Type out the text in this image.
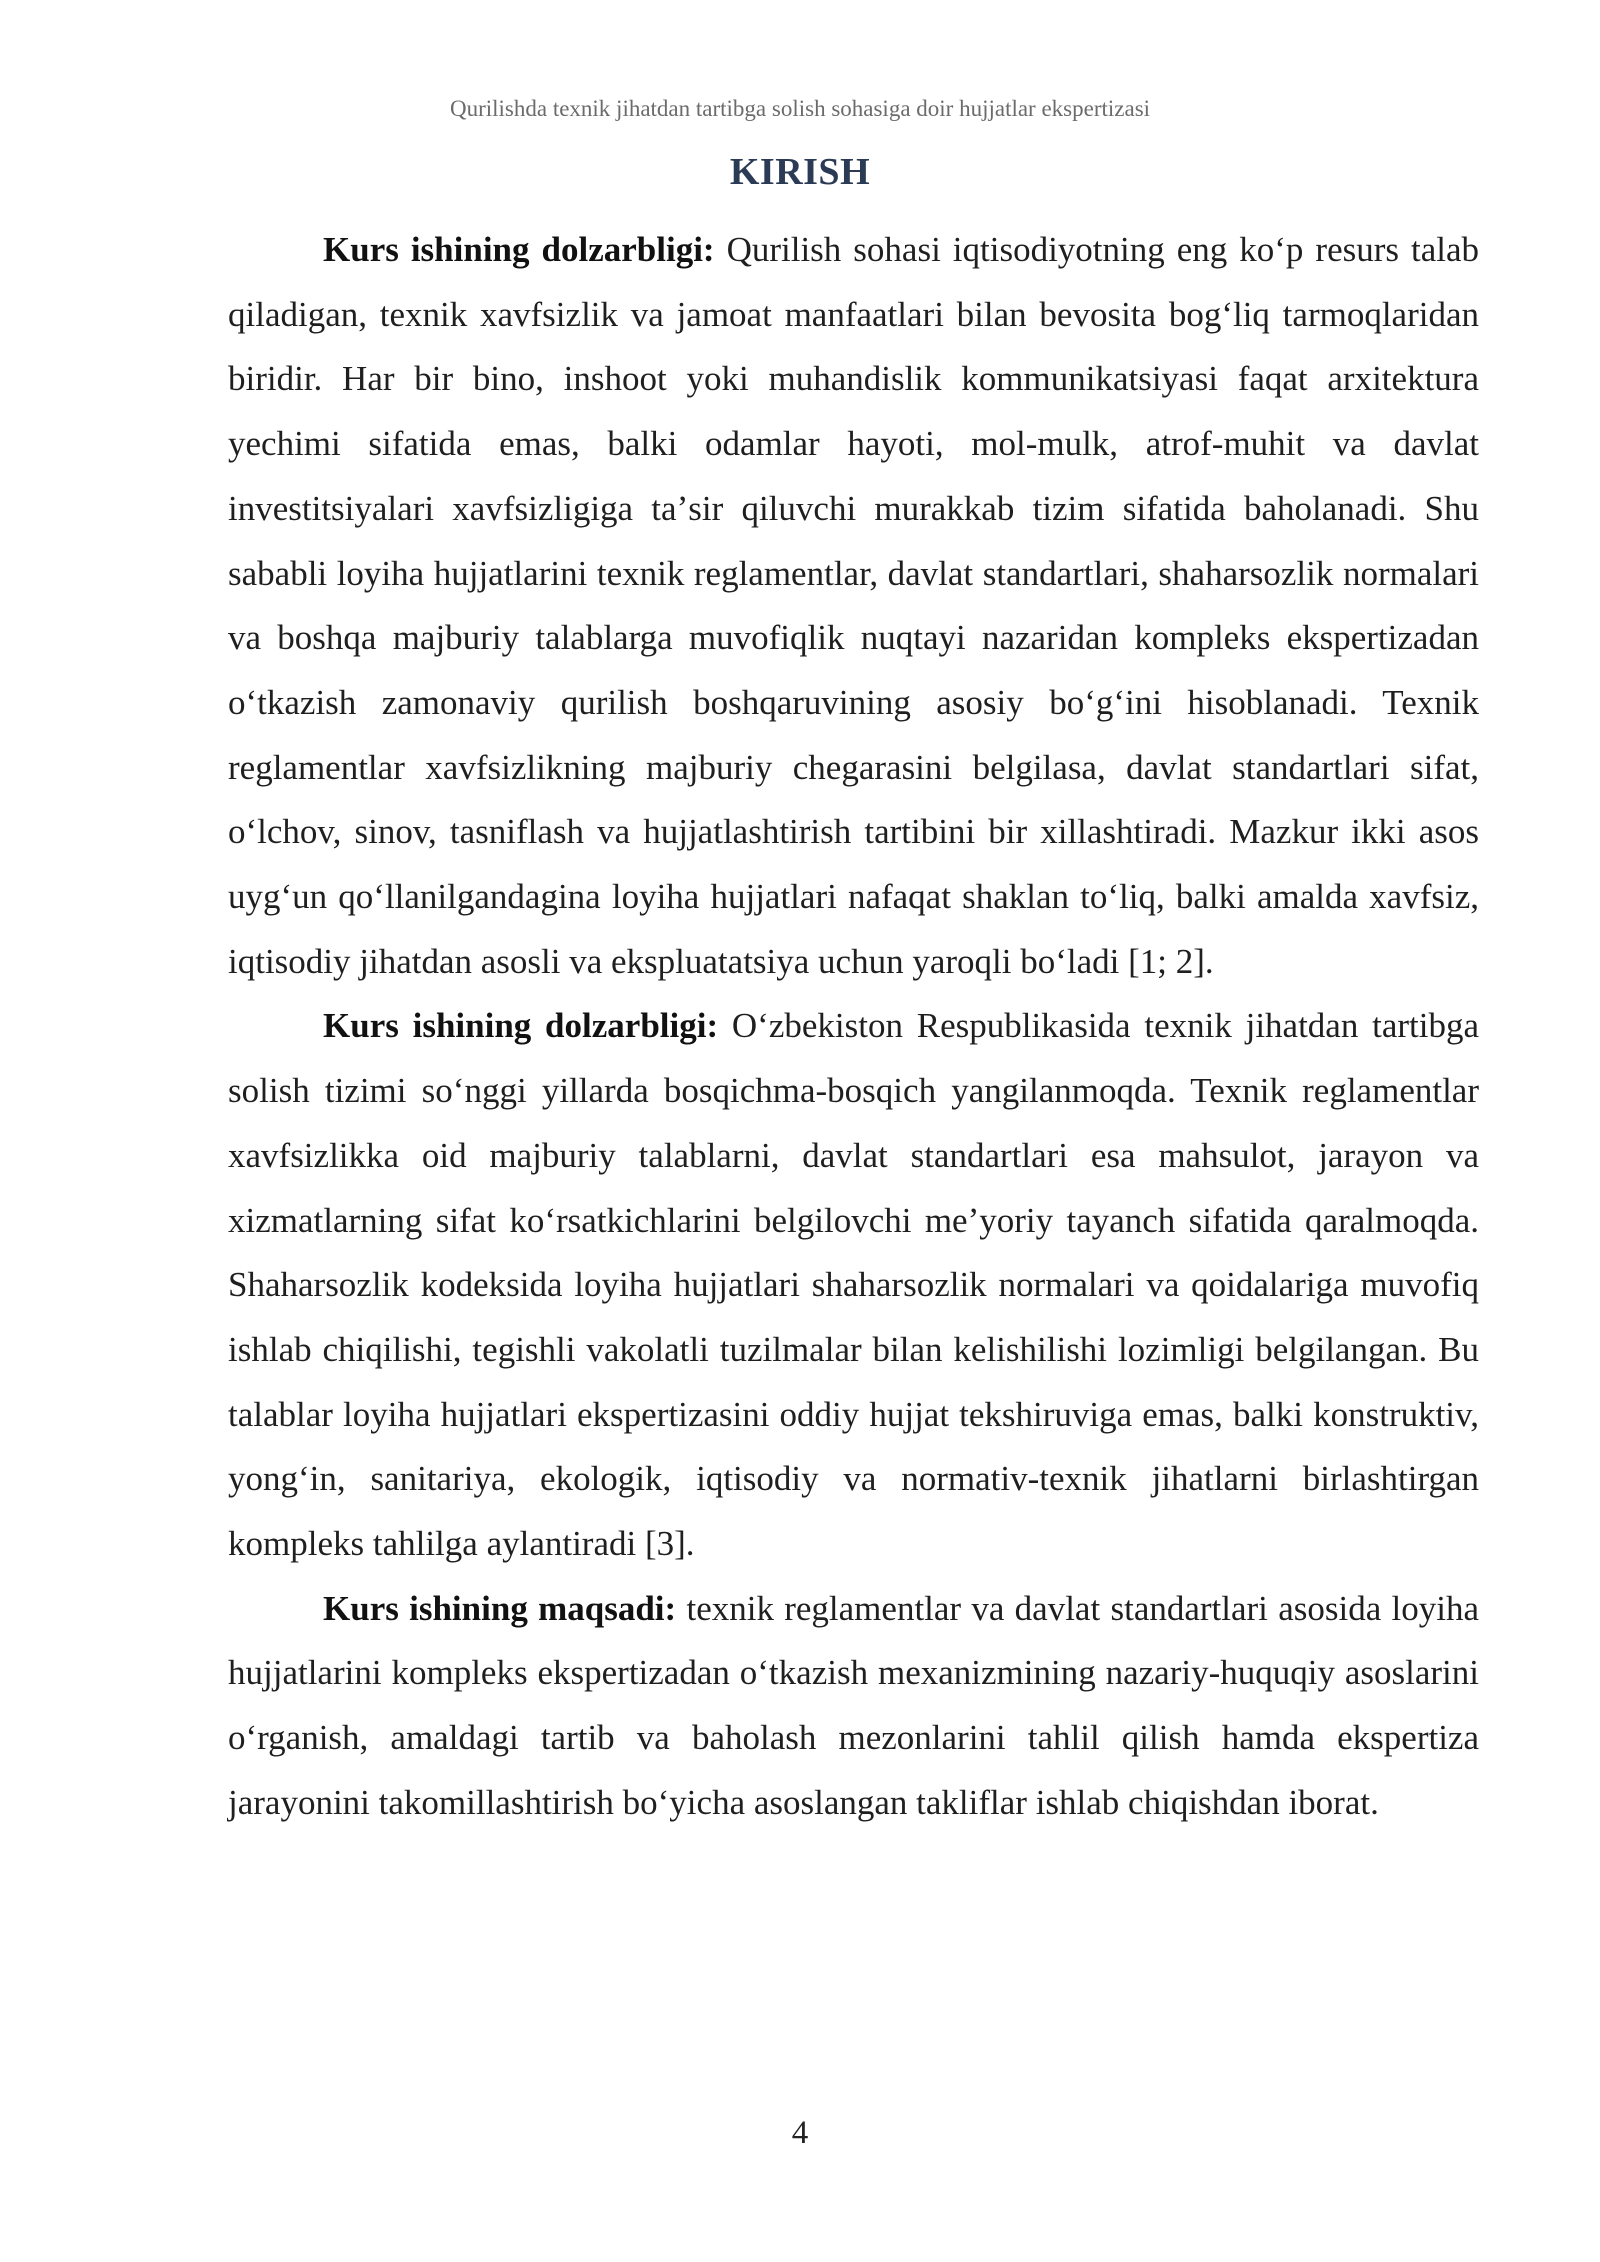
Qurilishda texnik jihatdan tartibga solish sohasiga doir hujjatlar ekspertizasi
KIRISH

Kurs ishining dolzarbligi: Qurilish sohasi iqtisodiyotning eng koʻp resurs talab qiladigan, texnik xavfsizlik va jamoat manfaatlari bilan bevosita bogʻliq tarmoqlaridan biridir. Har bir bino, inshoot yoki muhandislik kommunikatsiyasi faqat arxitektura yechimi sifatida emas, balki odamlar hayoti, mol-mulk, atrof-muhit va davlat investitsiyalari xavfsizligiga taʼsir qiluvchi murakkab tizim sifatida baholanadi. Shu sababli loyiha hujjatlarini texnik reglamentlar, davlat standartlari, shaharsozlik normalari va boshqa majburiy talablarga muvofiqlik nuqtayi nazaridan kompleks ekspertizadan oʻtkazish zamonaviy qurilish boshqaruvining asosiy boʻgʻini hisoblanadi. Texnik reglamentlar xavfsizlikning majburiy chegarasini belgilasa, davlat standartlari sifat, oʻlchov, sinov, tasniflash va hujjatlashtirish tartibini bir xillashtiradi. Mazkur ikki asos uygʻun qoʻllanilgandagina loyiha hujjatlari nafaqat shaklan toʻliq, balki amalda xavfsiz, iqtisodiy jihatdan asosli va ekspluatatsiya uchun yaroqli boʻladi [1; 2].

Kurs ishining dolzarbligi: Oʻzbekiston Respublikasida texnik jihatdan tartibga solish tizimi soʻnggi yillarda bosqichma-bosqich yangilanmoqda. Texnik reglamentlar xavfsizlikka oid majburiy talablarni, davlat standartlari esa mahsulot, jarayon va xizmatlarning sifat koʻrsatkichlarini belgilovchi meʼyoriy tayanch sifatida qaralmoqda. Shaharsozlik kodeksida loyiha hujjatlari shaharsozlik normalari va qoidalariga muvofiq ishlab chiqilishi, tegishli vakolatli tuzilmalar bilan kelishilishi lozimligi belgilangan. Bu talablar loyiha hujjatlari ekspertizasini oddiy hujjat tekshiruviga emas, balki konstruktiv, yongʻin, sanitariya, ekologik, iqtisodiy va normativ-texnik jihatlarni birlashtirgan kompleks tahlilga aylantiradi [3].

Kurs ishining maqsadi: texnik reglamentlar va davlat standartlari asosida loyiha hujjatlarini kompleks ekspertizadan oʻtkazish mexanizmining nazariy-huquqiy asoslarini oʻrganish, amaldagi tartib va baholash mezonlarini tahlil qilish hamda ekspertiza jarayonini takomillashtirish boʻyicha asoslangan takliflar ishlab chiqishdan iborat.

4
